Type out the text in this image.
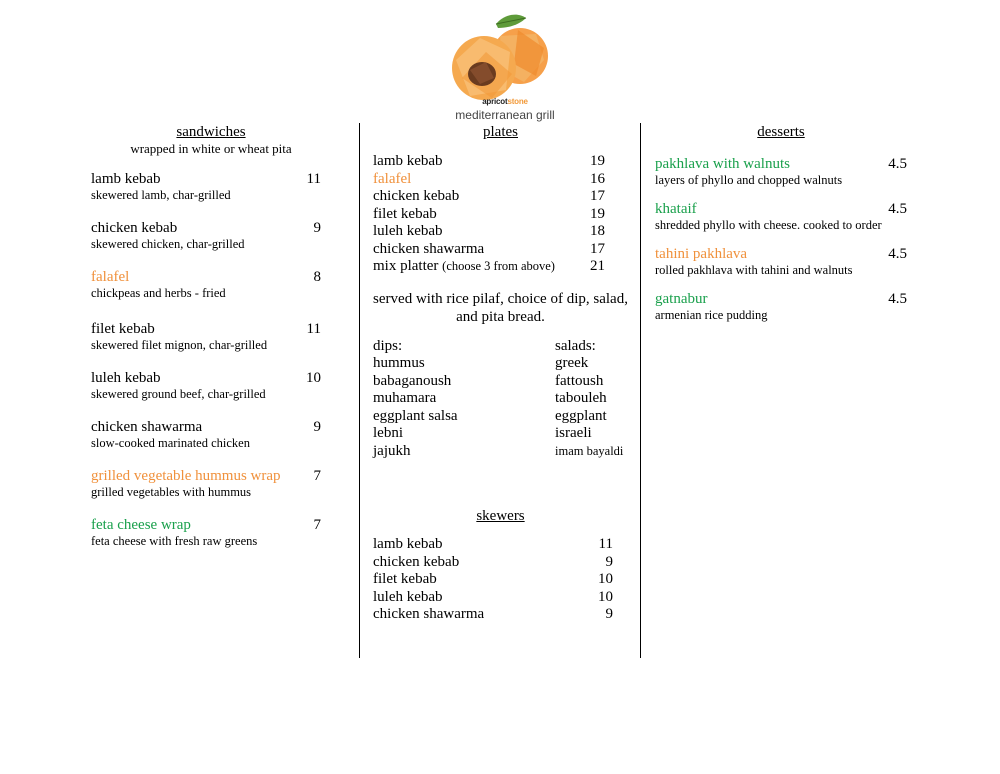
apricotstone
mediterranean grill
sandwiches
wrapped in white or wheat pita
lamb kebab	11
skewered lamb, char-grilled
chicken kebab	9
skewered chicken, char-grilled
falafel	8
chickpeas and herbs - fried
filet kebab	11
skewered filet mignon, char-grilled
luleh kebab	10
skewered ground beef, char-grilled
chicken shawarma	9
slow-cooked marinated chicken
grilled vegetable hummus wrap 7
grilled vegetables with hummus
feta cheese wrap	7
feta cheese with fresh raw greens
plates
lamb kebab	19
falafel	16
chicken kebab	17
filet kebab	19
luleh kebab	18
chicken shawarma	17
mix platter (choose 3 from above) 21
served with rice pilaf, choice of dip, salad, and pita bread.
dips:	salads:
hummus	greek
babaganoush	fattoush
muhamara	tabouleh
eggplant salsa	eggplant
lebni	israeli
jajukh	imam bayaldi
skewers
lamb kebab	11
chicken kebab	9
filet kebab	10
luleh kebab	10
chicken shawarma	9
desserts
pakhlava with walnuts	4.5
layers of phyllo and chopped walnuts
khataif	4.5
shredded phyllo with cheese. cooked to order
tahini pakhlava	4.5
rolled pakhlava with tahini and walnuts
gatnabur	4.5
armenian rice pudding
